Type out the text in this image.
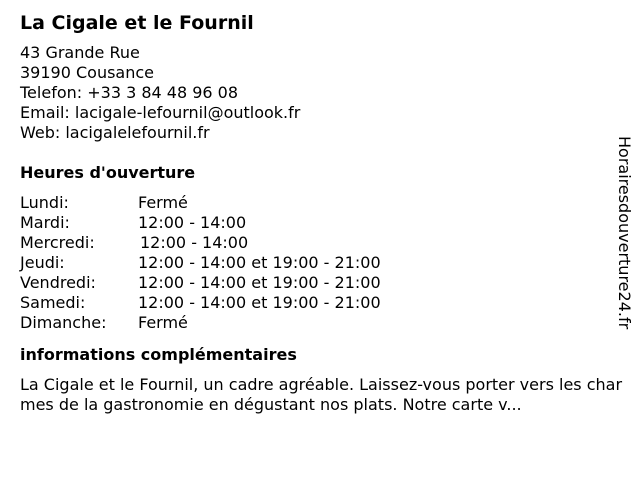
La Cigale et le Fournil
43 Grande Rue
39190 Cousance
Telefon: +33 3 84 48 96 08
Email: lacigale-lefournil@outlook.fr
Web: lacigalelefournil.fr
Heures d'ouverture
Lundi:	Fermé
Mardi:	12:00 - 14:00
Mercredi:	12:00 - 14:00
Jeudi:	12:00 - 14:00 et 19:00 - 21:00
Vendredi:	12:00 - 14:00 et 19:00 - 21:00
Samedi:	12:00 - 14:00 et 19:00 - 21:00
Dimanche:	Fermé
informations complémentaires
La Cigale et le Fournil, un cadre agréable. Laissez-vous porter vers les charmes de la gastronomie en dégustant nos plats. Notre carte v...
Horairesdouverture24.fr
